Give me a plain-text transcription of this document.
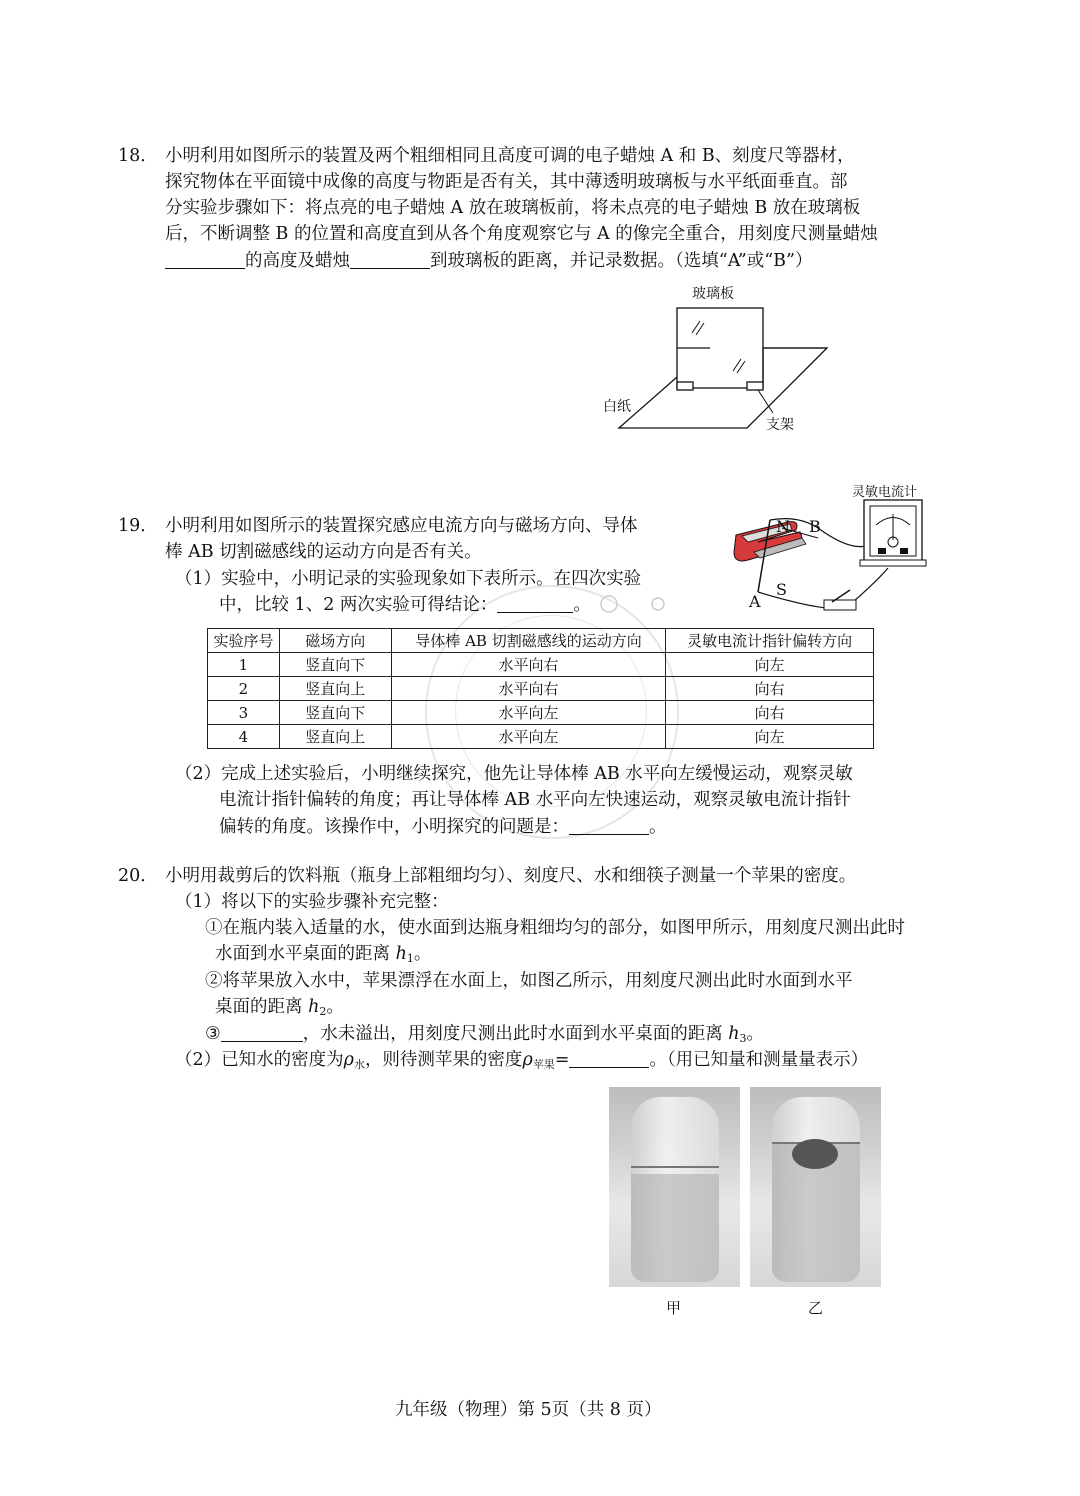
18． 小明利用如图所示的装置及两个粗细相同且高度可调的电子蜡烛 A 和 B、刻度尺等器材，
探究物体在平面镜中成像的高度与物距是否有关，其中薄透明玻璃板与水平纸面垂直。部
分实验步骤如下：将点亮的电子蜡烛 A 放在玻璃板前，将未点亮的电子蜡烛 B 放在玻璃板
后，不断调整 B 的位置和高度直到从各个角度观察它与 A 的像完全重合，用刻度尺测量蜡烛
的高度及蜡烛	到玻璃板的距离，并记录数据。（选填“A”或“B”）
玻璃板
白纸
支架
19． 小明利用如图所示的装置探究感应电流方向与磁场方向、导体
棒 AB 切割磁感线的运动方向是否有关。
（1）实验中，小明记录的实验现象如下表所示。在四次实验
中，比较 1、2 两次实验可得结论：	。
灵敏电流计
N B
A
S
实验序号	磁场方向	导体棒 AB 切割磁感线的运动方向	灵敏电流计指针偏转方向
1	竖直向下	水平向右	向左
2	竖直向上	水平向右	向右
3	竖直向下	水平向左	向右
4	竖直向上	水平向左	向左
（2）完成上述实验后，小明继续探究，他先让导体棒 AB 水平向左缓慢运动，观察灵敏
电流计指针偏转的角度；再让导体棒 AB 水平向左快速运动，观察灵敏电流计指针
偏转的角度。该操作中，小明探究的问题是：	。
20． 小明用裁剪后的饮料瓶（瓶身上部粗细均匀）、刻度尺、水和细筷子测量一个苹果的密度。
（1）将以下的实验步骤补充完整：
①在瓶内装入适量的水，使水面到达瓶身粗细均匀的部分，如图甲所示，用刻度尺测出此时
水面到水平桌面的距离 $h_1$。
②将苹果放入水中，苹果漂浮在水面上，如图乙所示，用刻度尺测出此时水面到水平
桌面的距离 $h_2$。
③	，水未溢出，用刻度尺测出此时水面到水平桌面的距离 $h_3$。
（2）已知水的密度为$\rho_水$，则待测苹果的密度$\rho_{苹果}=$	。（用已知量和测量量表示）
甲	乙
九年级（物理）第 5页（共 8 页）
